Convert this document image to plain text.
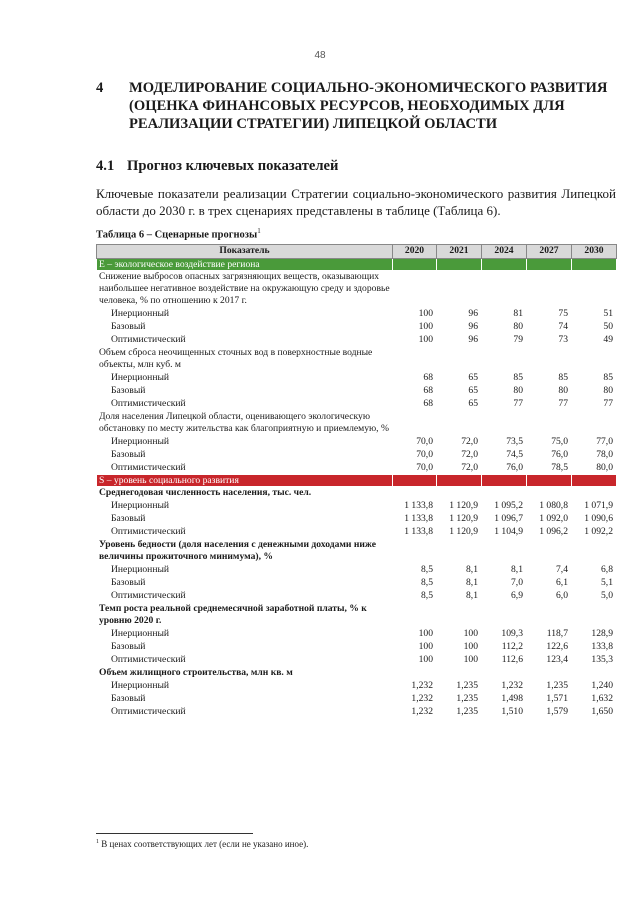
48
4 МОДЕЛИРОВАНИЕ СОЦИАЛЬНО-ЭКОНОМИЧЕСКОГО РАЗВИТИЯ (ОЦЕНКА ФИНАНСОВЫХ РЕСУРСОВ, НЕОБХОДИМЫХ ДЛЯ РЕАЛИЗАЦИИ СТРАТЕГИИ) ЛИПЕЦКОЙ ОБЛАСТИ
4.1 Прогноз ключевых показателей

Ключевые показатели реализации Стратегии социально-экономического развития Липецкой области до 2030 г. в трех сценариях представлены в таблице (Таблица 6).

Таблица 6 – Сценарные прогнозы$^1$
Показатель	2020	2021	2024	2027	2030
E – экологическое воздействие региона					
Снижение выбросов опасных загрязняющих веществ, оказывающих наибольшее негативное воздействие на окружающую среду и здоровье человека, % по отношению к 2017 г.					
Инерционный	100	96	81	75	51
Базовый	100	96	80	74	50
Оптимистический	100	96	79	73	49
Объем сброса неочищенных сточных вод в поверхностные водные объекты, млн куб. м					
Инерционный	68	65	85	85	85
Базовый	68	65	80	80	80
Оптимистический	68	65	77	77	77
Доля населения Липецкой области, оценивающего экологическую обстановку по месту жительства как благоприятную и приемлемую, %					
Инерционный	70,0	72,0	73,5	75,0	77,0
Базовый	70,0	72,0	74,5	76,0	78,0
Оптимистический	70,0	72,0	76,0	78,5	80,0
S – уровень социального развития					
Среднегодовая численность населения, тыс. чел.					
Инерционный	1 133,8	1 120,9	1 095,2	1 080,8	1 071,9
Базовый	1 133,8	1 120,9	1 096,7	1 092,0	1 090,6
Оптимистический	1 133,8	1 120,9	1 104,9	1 096,2	1 092,2
Уровень бедности (доля населения с денежными доходами ниже величины прожиточного минимума), %					
Инерционный	8,5	8,1	8,1	7,4	6,8
Базовый	8,5	8,1	7,0	6,1	5,1
Оптимистический	8,5	8,1	6,9	6,0	5,0
Темп роста реальной среднемесячной заработной платы, % к уровню 2020 г.					
Инерционный	100	100	109,3	118,7	128,9
Базовый	100	100	112,2	122,6	133,8
Оптимистический	100	100	112,6	123,4	135,3
Объем жилищного строительства, млн кв. м					
Инерционный	1,232	1,235	1,232	1,235	1,240
Базовый	1,232	1,235	1,498	1,571	1,632
Оптимистический	1,232	1,235	1,510	1,579	1,650
$^1$ В ценах соответствующих лет (если не указано иное).
